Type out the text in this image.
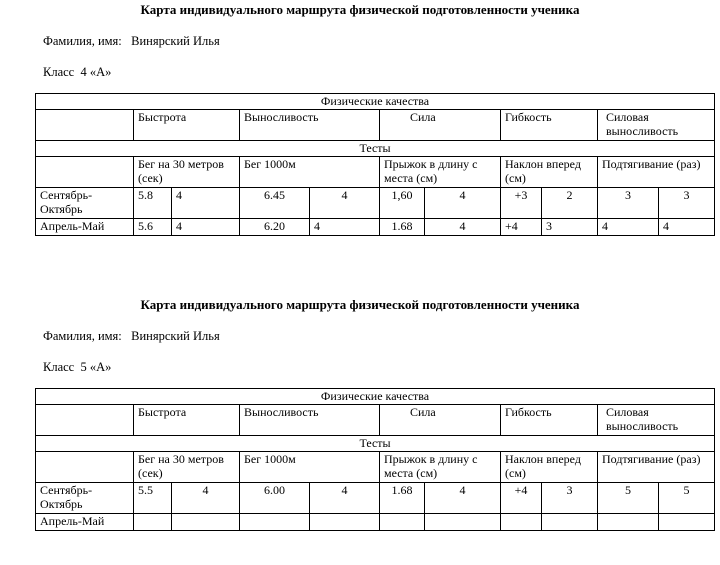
Карта индивидуального маршрута физической подготовленности ученика
Фамилия, имя: Винярский Илья
Класс  4 «А»
Физические качества										
	Быстрота		Выносливость		Сила		Гибкость		Силовая выносливость	
Тесты										
	Бег на 30 метров (сек)		Бег 1000м		Прыжок в длину с места (см)		Наклон вперед (см)		Подтягивание (раз)	
Сентябрь-Октябрь	5.8	4	6.45	4	1,60	4	+3	2	3	3
Апрель-Май	5.6	4	6.20	4	1.68	4	+4	3	4	4
Карта индивидуального маршрута физической подготовленности ученика
Фамилия, имя: Винярский Илья
Класс  5 «А»
Физические качества										
	Быстрота		Выносливость		Сила		Гибкость		Силовая выносливость	
Тесты										
	Бег на 30 метров (сек)		Бег 1000м		Прыжок в длину с места (см)		Наклон вперед (см)		Подтягивание (раз)	
Сентябрь-Октябрь	5.5	4	6.00	4	1.68	4	+4	3	5	5
Апрель-Май										
